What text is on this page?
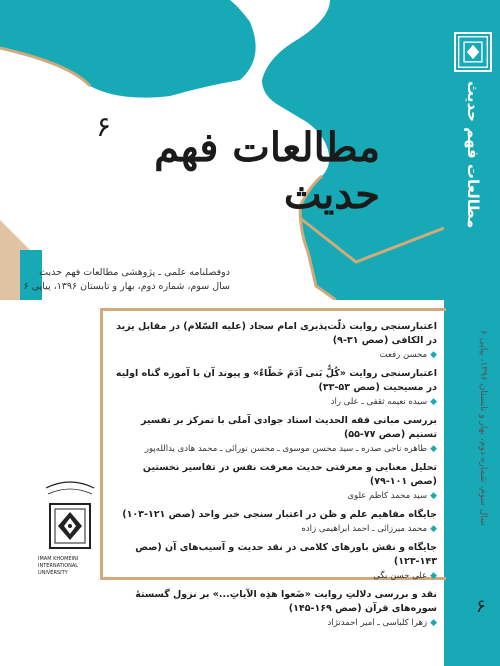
۶	مطالعات فهم حدیث
دوفصلنامه علمی ـ پژوهشی مطالعات فهم حدیث
سال سوم، شماره دوم، بهار و تابستان ۱۳۹۶، پیاپی ۶
مطالعات فهم حدیث
اعتبارسنجی روایت ذلّت‌پذیری امام سجاد (علیه السّلام) در مقابل یزید در الکافی (صص ۳۱-۹)
◆محسن رفعت
اعتبارسنجی روایت «کُلُّ بَنی آدَمَ خَطّاءٌ» و پیوند آن با آموزه گناه اولیه در مسیحیت (صص ۵۳-۳۳)
◆سیده نعیمه ثقفی ـ علی راد
بررسی مبانی فقه الحدیث استاد جوادی آملی با تمرکز بر تفسیر تسنیم (صص ۷۷-۵۵)
◆طاهره ناجی صدره ـ سید محسن موسوی ـ محسن نورائی ـ محمد هادی یدالله‌پور
تحلیل معنایی و معرفتی حدیث معرفت نفس در تفاسیر نخستین (صص ۱۰۱-۷۹)
◆سید محمد کاظم علوی
جایگاه مفاهیم علم و ظن در اعتبار سنجی خبر واحد (صص ۱۲۱-۱۰۳)
◆محمد میرزائی ـ احمد ابراهیمی زاده
جایگاه و نقش باورهای کلامی در نقد حدیث و آسیب‌های آن (صص ۱۴۳-۱۲۳)
◆علی حسن بگی
نقد و بررسی دلالتِ روایت «ضَعوا هذِه الآیاتِ...» بر نزول گسستهٔ سوره‌های قرآن (صص ۱۶۹-۱۴۵)
◆زهرا کلباسی ـ امیر احمدنژاد
سال سوم، شماره دوم، بهار و تابستان ۱۳۹۶، پیاپی ۶
IMAM KHOMEINI INTERNATIONAL UNIVERSITY
۶
